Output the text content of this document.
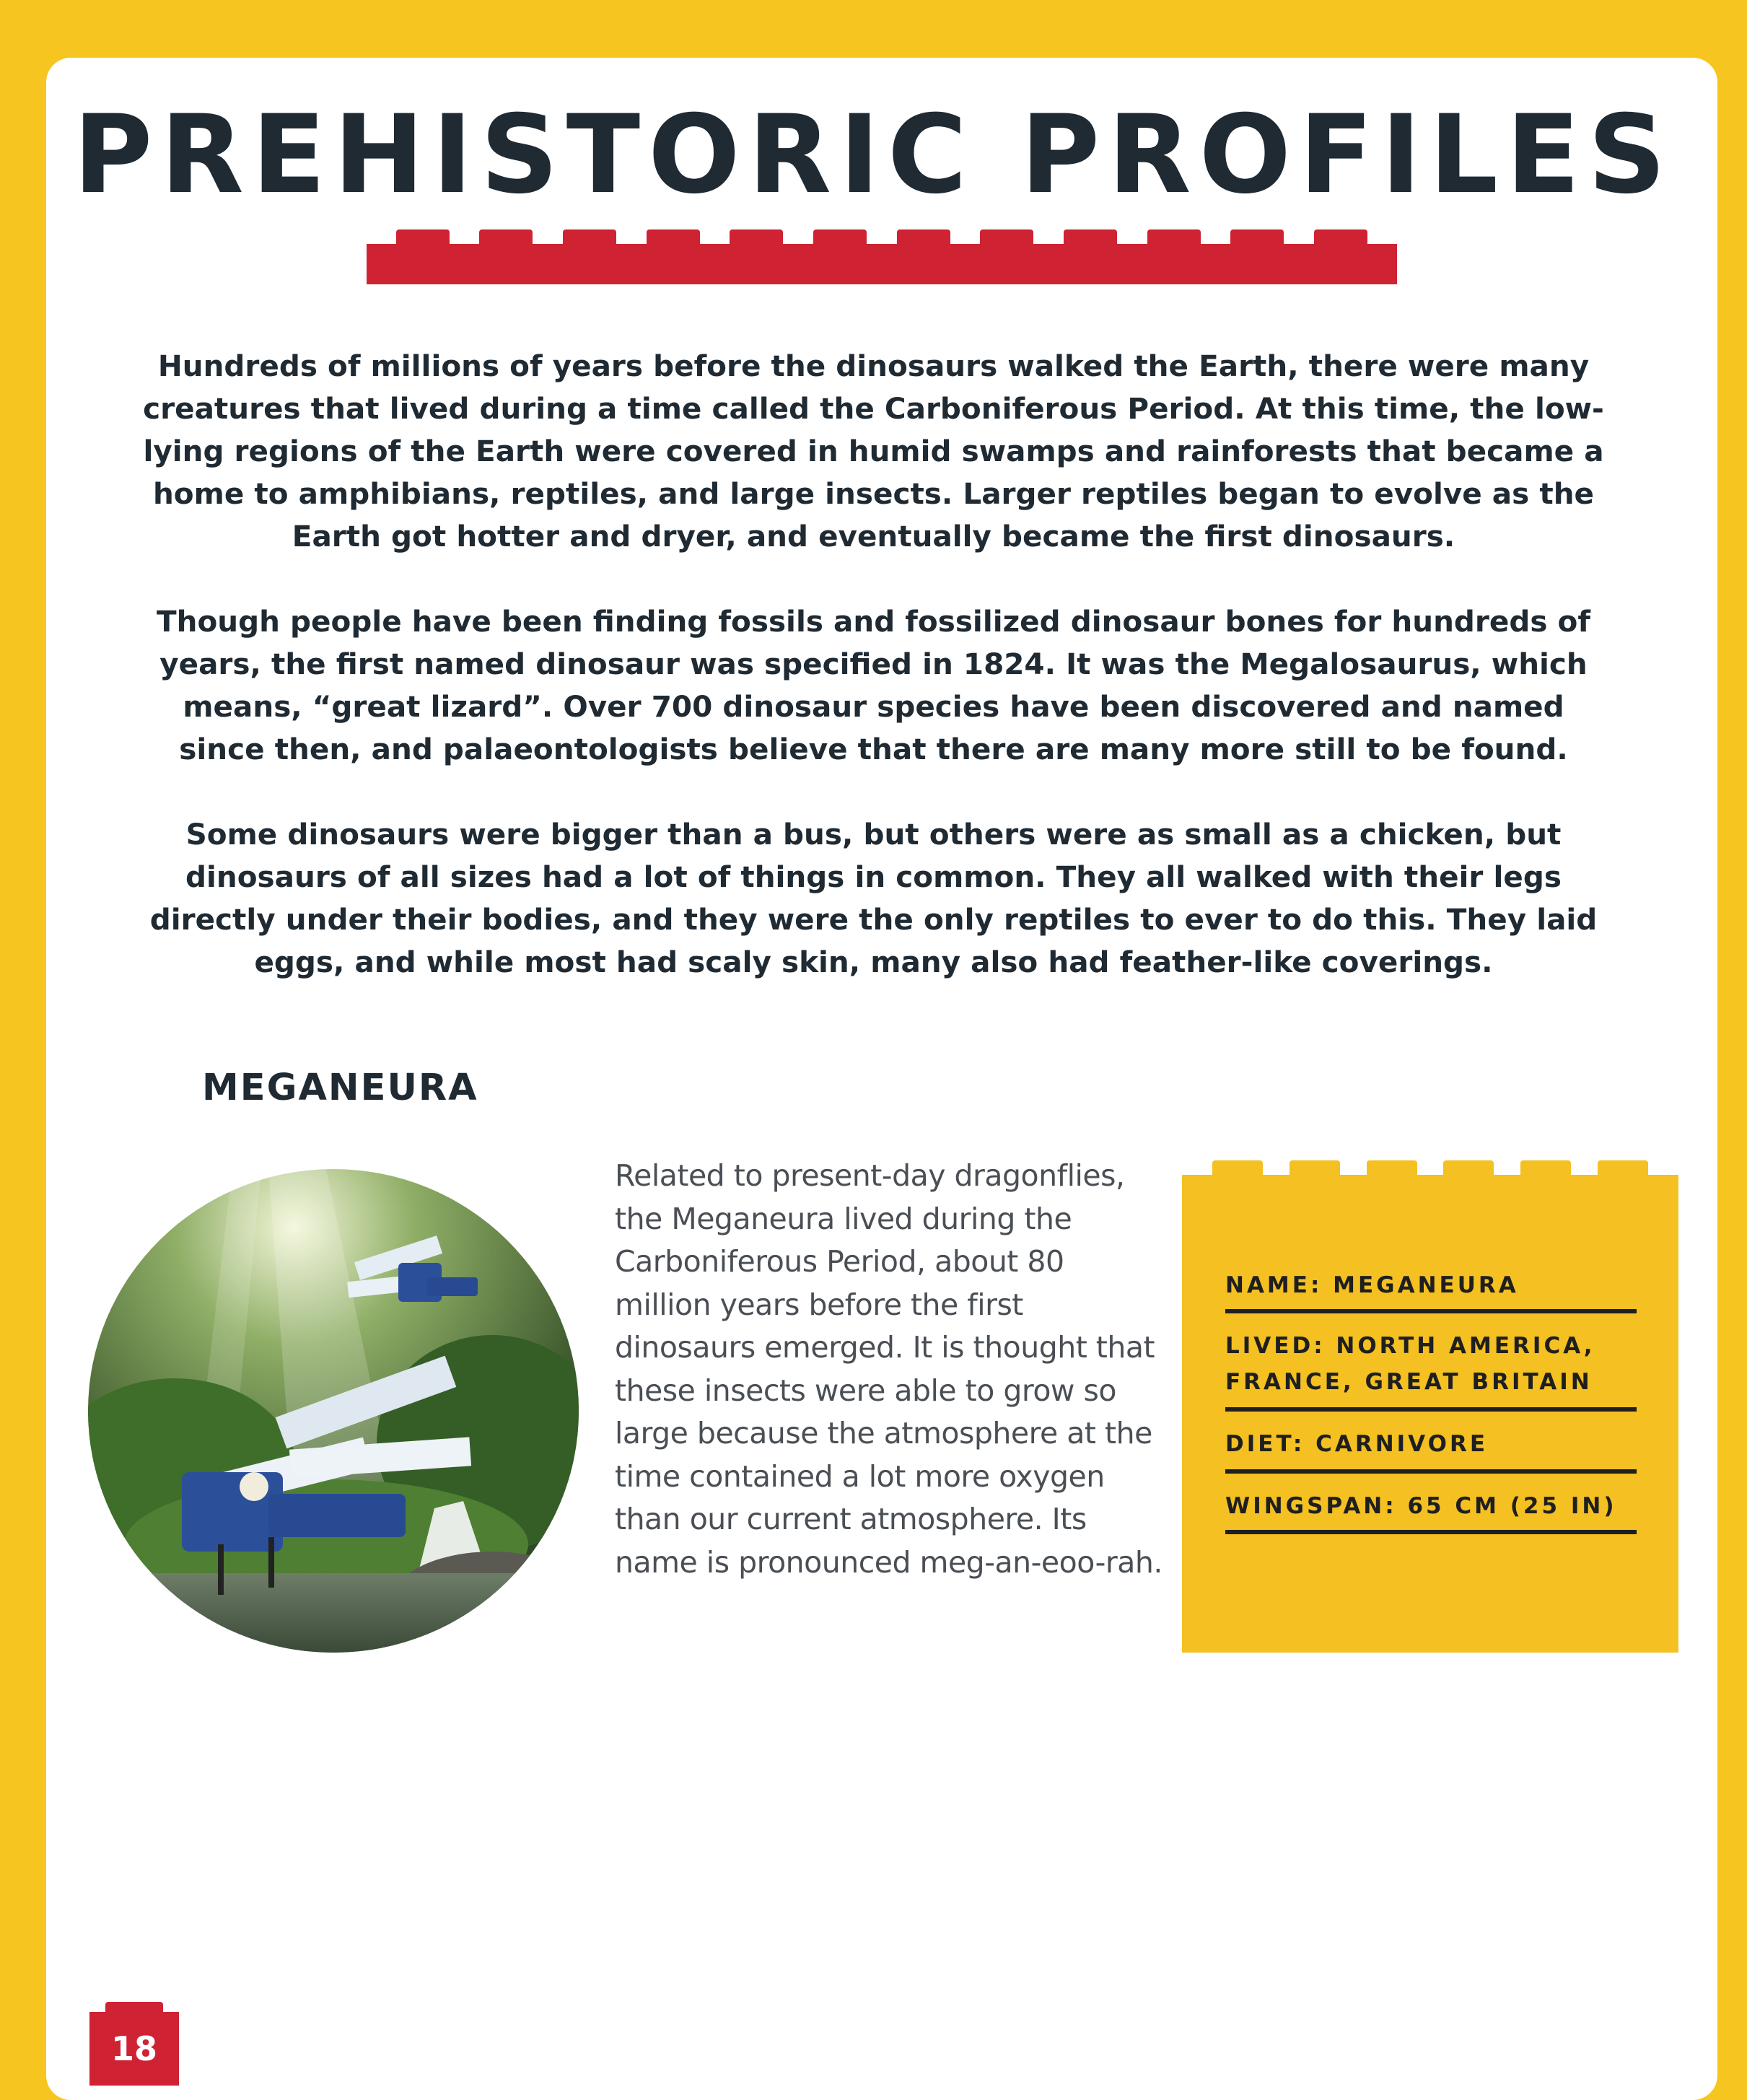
PREHISTORIC PROFILES

Hundreds of millions of years before the dinosaurs walked the Earth, there were many creatures that lived during a time called the Carboniferous Period. At this time, the low-lying regions of the Earth were covered in humid swamps and rainforests that became a home to amphibians, reptiles, and large insects. Larger reptiles began to evolve as the Earth got hotter and dryer, and eventually became the first dinosaurs.

Though people have been finding fossils and fossilized dinosaur bones for hundreds of years, the first named dinosaur was specified in 1824. It was the Megalosaurus, which means, “great lizard”. Over 700 dinosaur species have been discovered and named since then, and palaeontologists believe that there are many more still to be found.

Some dinosaurs were bigger than a bus, but others were as small as a chicken, but dinosaurs of all sizes had a lot of things in common. They all walked with their legs directly under their bodies, and they were the only reptiles to ever to do this. They laid eggs, and while most had scaly skin, many also had feather-like coverings.

MEGANEURA

Related to present-day dragonflies, the Meganeura lived during the Carboniferous Period, about 80 million years before the first dinosaurs emerged. It is thought that these insects were able to grow so large because the atmosphere at the time contained a lot more oxygen than our current atmosphere. Its name is pronounced meg-an-eoo-rah.

NAME: MEGANEURA
LIVED: NORTH AMERICA,
FRANCE, GREAT BRITAIN
DIET: CARNIVORE
WINGSPAN: 65 CM (25 IN)
18
